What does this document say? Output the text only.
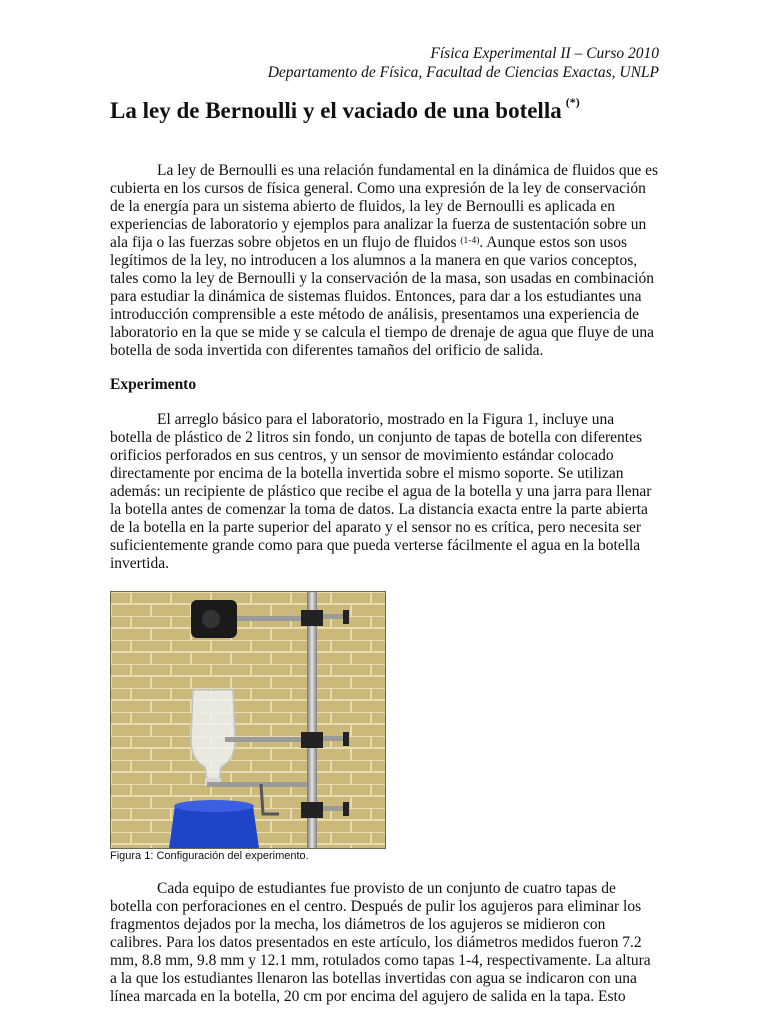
Física Experimental II – Curso 2010
Departamento de Física, Facultad de Ciencias Exactas, UNLP
La ley de Bernoulli y el vaciado de una botella (*)

La ley de Bernoulli es una relación fundamental en la dinámica de fluidos que es cubierta en los cursos de física general. Como una expresión de la ley de conservación de la energía para un sistema abierto de fluidos, la ley de Bernoulli es aplicada en experiencias de laboratorio y ejemplos para analizar la fuerza de sustentación sobre un ala fija o las fuerzas sobre objetos en un flujo de fluidos $^{(1-4)}$. Aunque estos son usos legítimos de la ley, no introducen a los alumnos a la manera en que varios conceptos, tales como la ley de Bernoulli y la conservación de la masa, son usadas en combinación para estudiar la dinámica de sistemas fluidos. Entonces, para dar a los estudiantes una introducción comprensible a este método de análisis, presentamos una experiencia de laboratorio en la que se mide y se calcula el tiempo de drenaje de agua que fluye de una botella de soda invertida con diferentes tamaños del orificio de salida.

Experimento

El arreglo básico para el laboratorio, mostrado en la Figura 1, incluye una botella de plástico de 2 litros sin fondo, un conjunto de tapas de botella con diferentes orificios perforados en sus centros, y un sensor de movimiento estándar colocado directamente por encima de la botella invertida sobre el mismo soporte. Se utilizan además: un recipiente de plástico que recibe el agua de la botella y una jarra para llenar la botella antes de comenzar la toma de datos. La distancia exacta entre la parte abierta de la botella en la parte superior del aparato y el sensor no es crítica, pero necesita ser suficientemente grande como para que pueda verterse fácilmente el agua en la botella invertida.

Figura 1: Configuración del experimento.

Cada equipo de estudiantes fue provisto de un conjunto de cuatro tapas de botella con perforaciones en el centro. Después de pulir los agujeros para eliminar los fragmentos dejados por la mecha, los diámetros de los agujeros se midieron con calibres. Para los datos presentados en este artículo, los diámetros medidos fueron 7.2 mm, 8.8 mm, 9.8 mm y 12.1 mm, rotulados como tapas 1-4, respectivamente. La altura a la que los estudiantes llenaron las botellas invertidas con agua se indicaron con una línea marcada en la botella, 20 cm por encima del agujero de salida en la tapa. Esto
